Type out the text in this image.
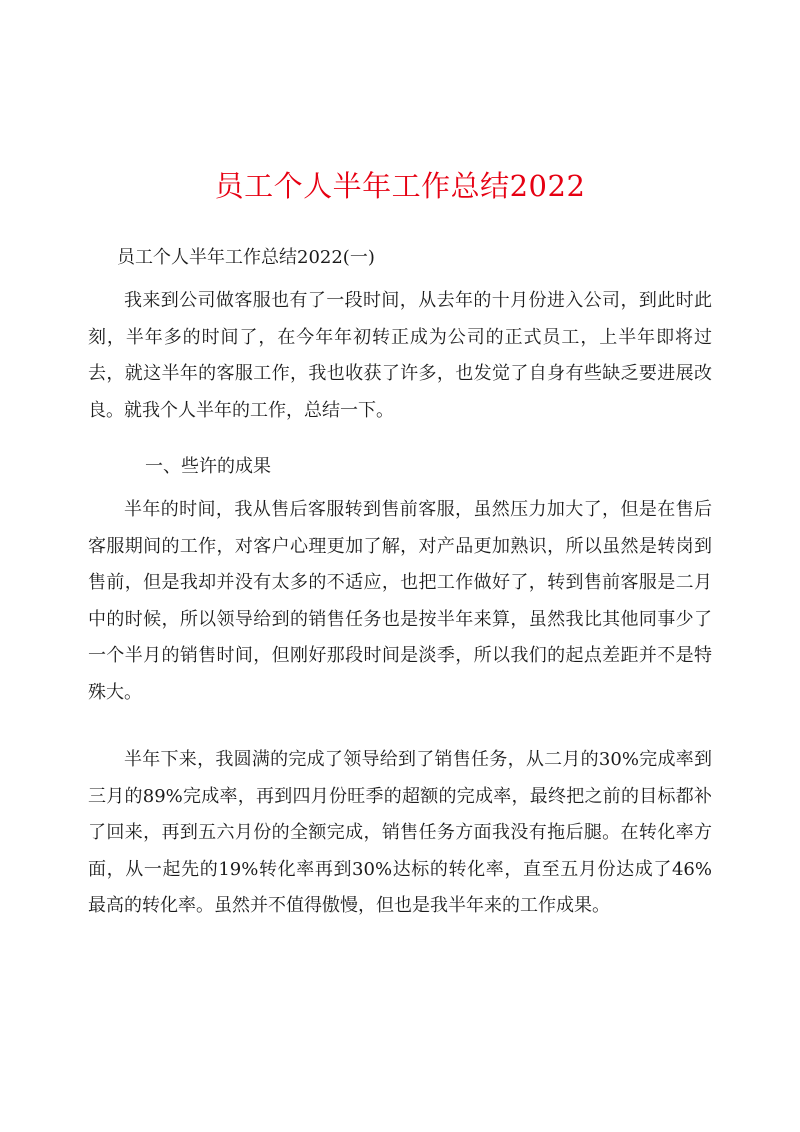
员工个人半年工作总结2022
员工个人半年工作总结2022(一)

我来到公司做客服也有了一段时间，从去年的十月份进入公司，到此时此刻，半年多的时间了，在今年年初转正成为公司的正式员工，上半年即将过去，就这半年的客服工作，我也收获了许多，也发觉了自身有些缺乏要进展改良。就我个人半年的工作，总结一下。

一、些许的成果

半年的时间，我从售后客服转到售前客服，虽然压力加大了，但是在售后客服期间的工作，对客户心理更加了解，对产品更加熟识，所以虽然是转岗到售前，但是我却并没有太多的不适应，也把工作做好了，转到售前客服是二月中的时候，所以领导给到的销售任务也是按半年来算，虽然我比其他同事少了一个半月的销售时间，但刚好那段时间是淡季，所以我们的起点差距并不是特殊大。

半年下来，我圆满的完成了领导给到了销售任务，从二月的30%完成率到三月的89%完成率，再到四月份旺季的超额的完成率，最终把之前的目标都补了回来，再到五六月份的全额完成，销售任务方面我没有拖后腿。在转化率方面，从一起先的19%转化率再到30%达标的转化率，直至五月份达成了46%最高的转化率。虽然并不值得傲慢，但也是我半年来的工作成果。
